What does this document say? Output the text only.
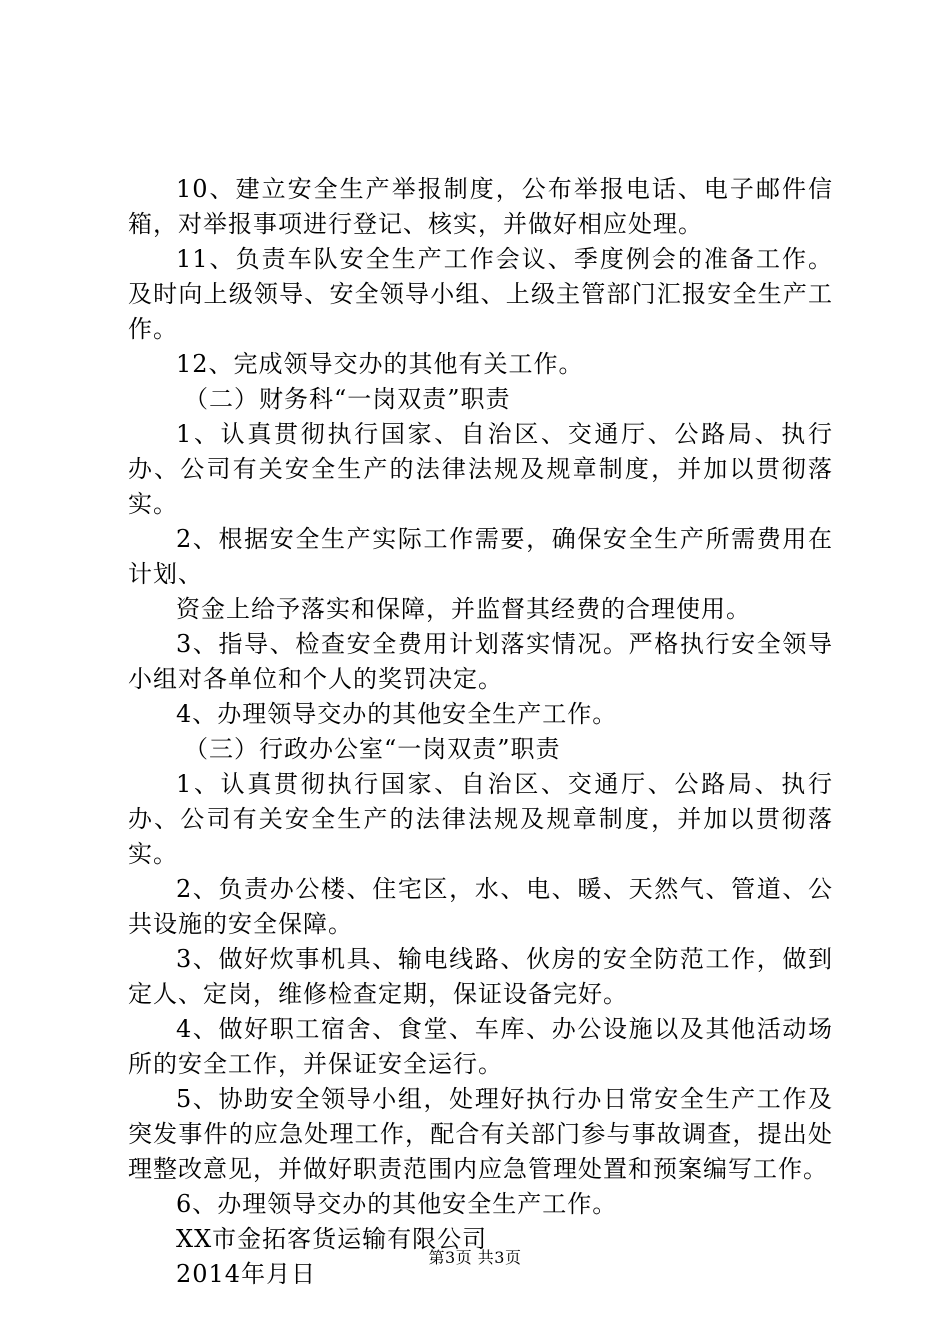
10、建立安全生产举报制度，公布举报电话、电子邮件信箱，对举报事项进行登记、核实，并做好相应处理。

11、负责车队安全生产工作会议、季度例会的准备工作。及时向上级领导、安全领导小组、上级主管部门汇报安全生产工作。

12、完成领导交办的其他有关工作。

（二）财务科“一岗双责”职责

1、认真贯彻执行国家、自治区、交通厅、公路局、执行办、公司有关安全生产的法律法规及规章制度，并加以贯彻落实。

2、根据安全生产实际工作需要，确保安全生产所需费用在计划、

资金上给予落实和保障，并监督其经费的合理使用。

3、指导、检查安全费用计划落实情况。严格执行安全领导小组对各单位和个人的奖罚决定。

4、办理领导交办的其他安全生产工作。

（三）行政办公室“一岗双责”职责

1、认真贯彻执行国家、自治区、交通厅、公路局、执行办、公司有关安全生产的法律法规及规章制度，并加以贯彻落实。

2、负责办公楼、住宅区，水、电、暖、天然气、管道、公共设施的安全保障。

3、做好炊事机具、输电线路、伙房的安全防范工作，做到定人、定岗，维修检查定期，保证设备完好。

4、做好职工宿舍、食堂、车库、办公设施以及其他活动场所的安全工作，并保证安全运行。

5、协助安全领导小组，处理好执行办日常安全生产工作及突发事件的应急处理工作，配合有关部门参与事故调查，提出处理整改意见，并做好职责范围内应急管理处置和预案编写工作。

6、办理领导交办的其他安全生产工作。

XX市金拓客货运输有限公司

2014年月日

第3页 共3页
